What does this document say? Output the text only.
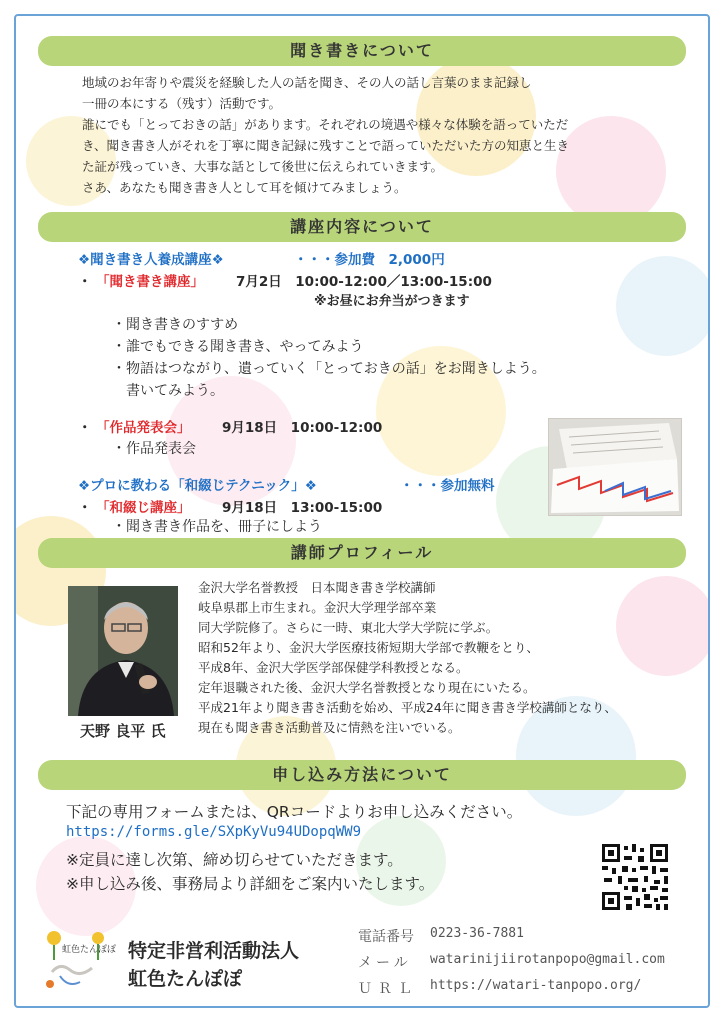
聞き書きについて
地域のお年寄りや震災を経験した人の話を聞き、その人の話し言葉のまま記録し
一冊の本にする（残す）活動です。
誰にでも「とっておきの話」があります。それぞれの境遇や様々な体験を語っていただ
き、聞き書き人がそれを丁寧に聞き記録に残すことで語っていただいた方の知恵と生き
た証が残っていき、大事な話として後世に伝えられていきます。
さあ、あなたも聞き書き人として耳を傾けてみましょう。
講座内容について
❖聞き書き人養成講座❖	・・・参加費　2,000円
・ 「聞き書き講座」 7月2日　10:00-12:00／13:00-15:00
※お昼にお弁当がつきます
・聞き書きのすすめ
・誰でもできる聞き書き、やってみよう
・物語はつながり、遺っていく「とっておきの話」をお聞きしよう。
書いてみよう。
・ 「作品発表会」 9月18日　10:00-12:00
・作品発表会
❖プロに教わる「和綴じテクニック」❖	・・・参加無料
・ 「和綴じ講座」 9月18日　13:00-15:00
・聞き書き作品を、冊子にしよう
講師プロフィール
天野 良平 氏
金沢大学名誉教授　日本聞き書き学校講師
岐阜県郡上市生まれ。金沢大学理学部卒業
同大学院修了。さらに一時、東北大学大学院に学ぶ。
昭和52年より、金沢大学医療技術短期大学部で教鞭をとり、
平成8年、金沢大学医学部保健学科教授となる。
定年退職された後、金沢大学名誉教授となり現在にいたる。
平成21年より聞き書き活動を始め、平成24年に聞き書き学校講師となり、
現在も聞き書き活動普及に情熱を注いでいる。
申し込み方法について
下記の専用フォームまたは、QRコードよりお申し込みください。
https://forms.gle/SXpKyVu94UDopqWW9
※定員に達し次第、締め切らせていただきます。
※申し込み後、事務局より詳細をご案内いたします。
虹色たんぽぽ 特定非営利活動法人
虹色たんぽぽ
電話番号 0223-36-7881
メール watarinijiirotanpopo@gmail.com
ＵＲＬ https://watari-tanpopo.org/
